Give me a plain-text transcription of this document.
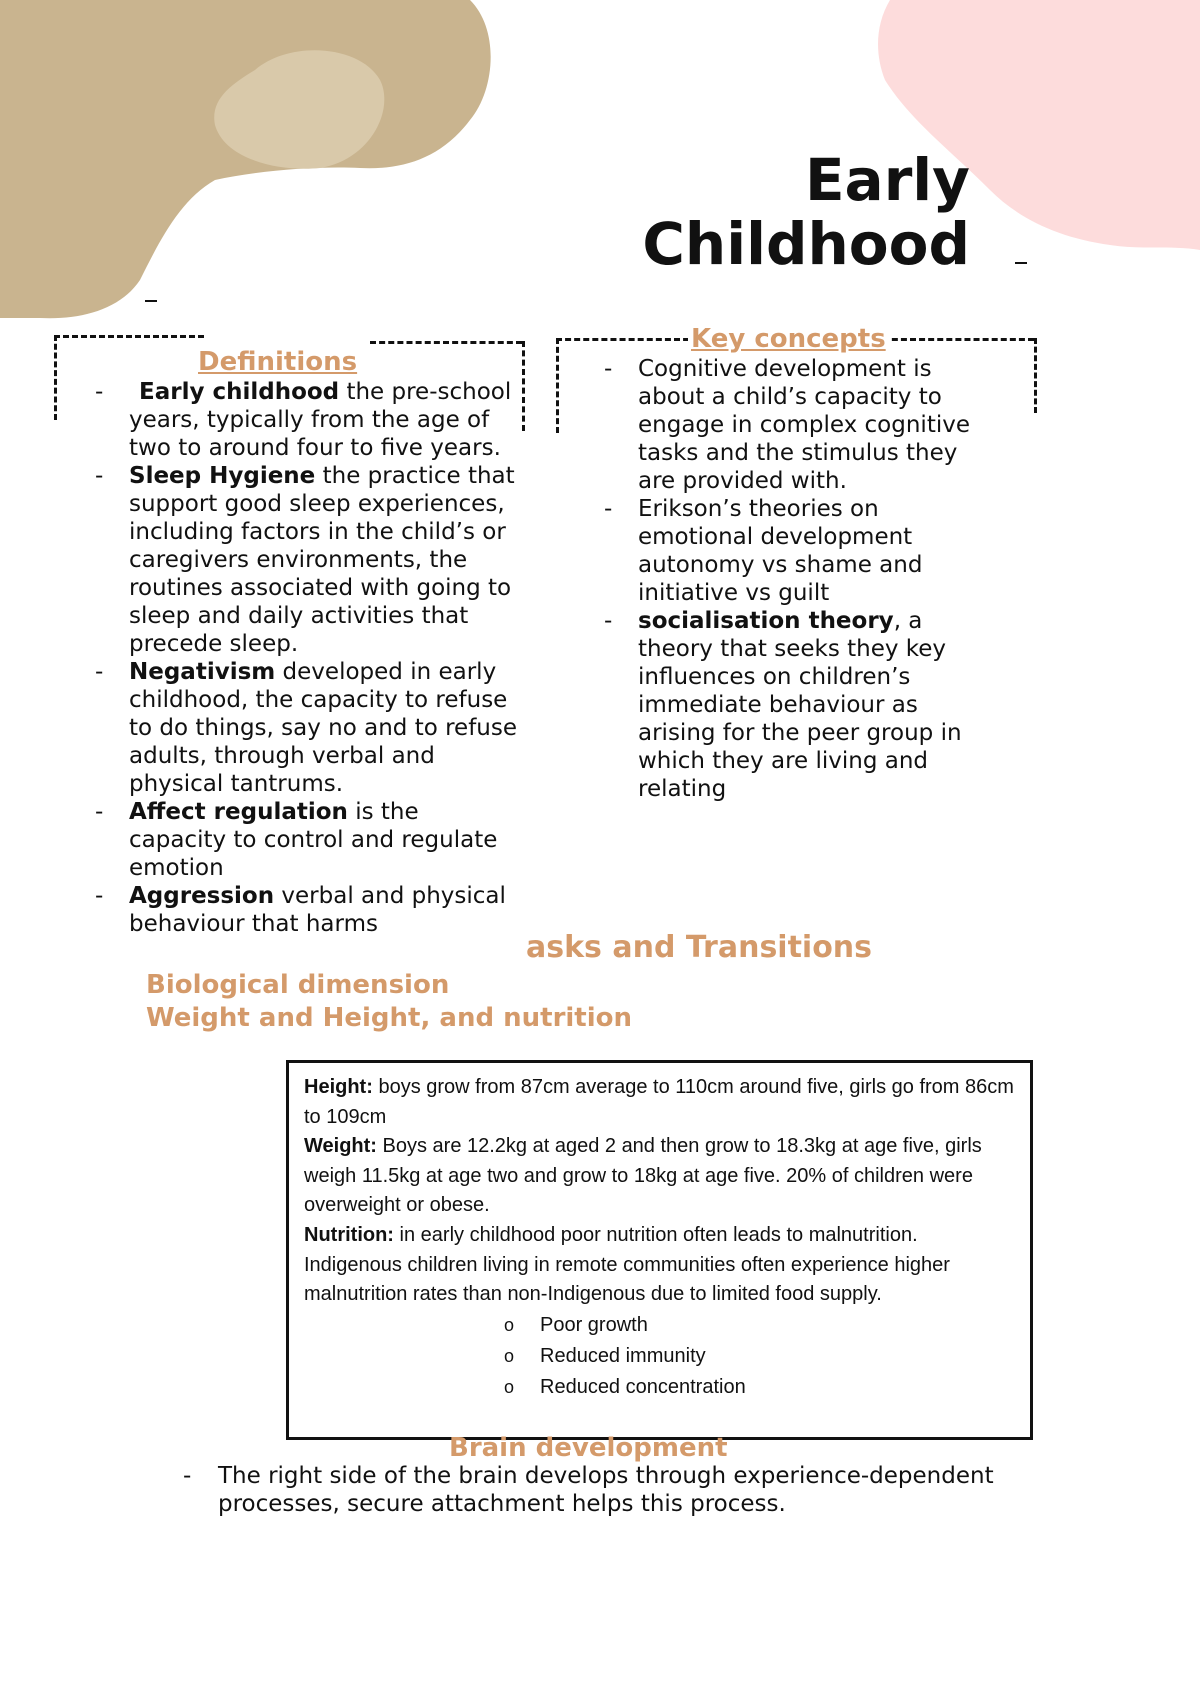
Early
Childhood
Definitions
- Early childhood the pre-school years, typically from the age of two to around four to five years.
- Sleep Hygiene the practice that support good sleep experiences, including factors in the child’s or caregivers environments, the routines associated with going to sleep and daily activities that precede sleep.
- Negativism developed in early childhood, the capacity to refuse to do things, say no and to refuse adults, through verbal and physical tantrums.
- Affect regulation is the capacity to control and regulate emotion
- Aggression verbal and physical behaviour that harms
Key concepts
- Cognitive development is about a child’s capacity to engage in complex cognitive tasks and the stimulus they are provided with.
- Erikson’s theories on emotional development autonomy vs shame and initiative vs guilt
- socialisation theory, a theory that seeks they key influences on children’s immediate behaviour as arising for the peer group in which they are living and relating
asks and Transitions
Biological dimension
Weight and Height, and nutrition

Height: boys grow from 87cm average to 110cm around five, girls go from 86cm to 109cm

Weight: Boys are 12.2kg at aged 2 and then grow to 18.3kg at age five, girls weigh 11.5kg at age two and grow to 18kg at age five. 20% of children were overweight or obese.

Nutrition: in early childhood poor nutrition often leads to malnutrition. Indigenous children living in remote communities often experience higher malnutrition rates than non-Indigenous due to limited food supply.

o Poor growth
o Reduced immunity
o Reduced concentration
Brain development
- The right side of the brain develops through experience-dependent processes, secure attachment helps this process.
